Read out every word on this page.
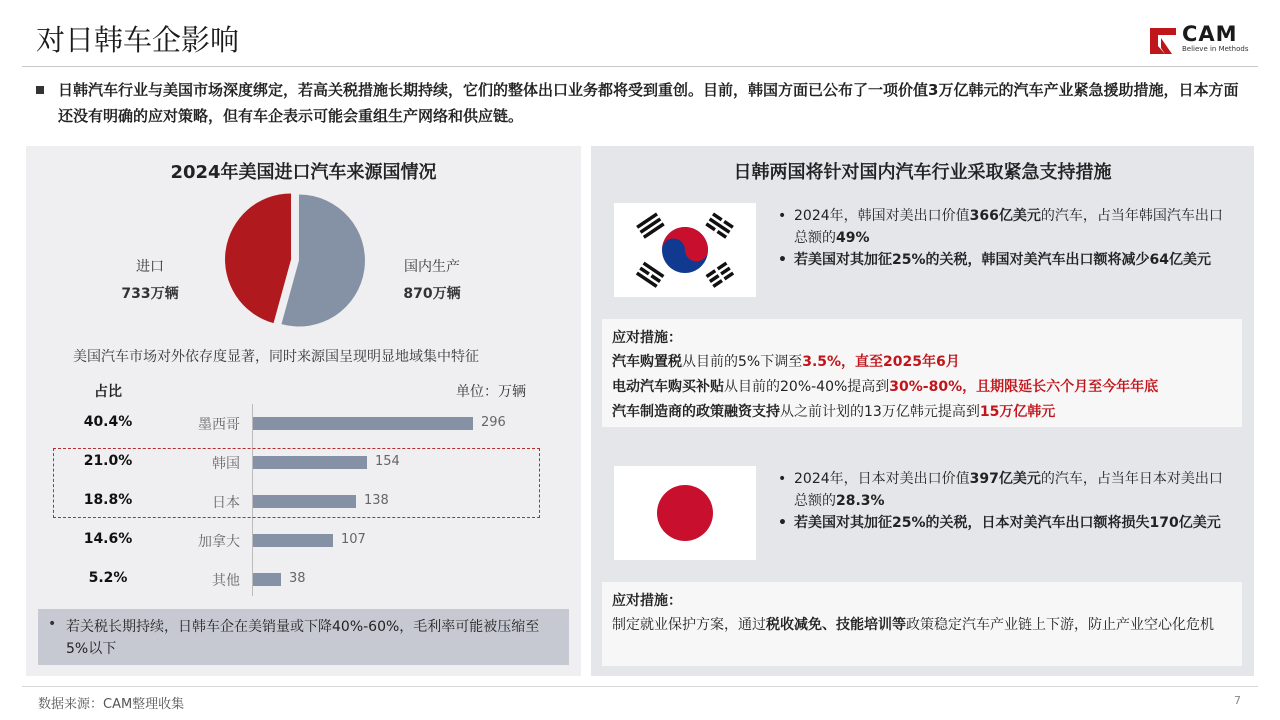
对日韩车企影响	CAM
Believe in Methods
日韩汽车行业与美国市场深度绑定，若高关税措施长期持续，它们的整体出口业务都将受到重创。目前，韩国方面已公布了一项价值3万亿韩元的汽车产业紧急援助措施，日本方面还没有明确的应对策略，但有车企表示可能会重组生产网络和供应链。
2024年美国进口汽车来源国情况
进口
733万辆
国内生产
870万辆
美国汽车市场对外依存度显著，同时来源国呈现明显地域集中特征
占比	单位：万辆
40.4%	墨西哥	296
21.0%	韩国	154
18.8%	日本	138
14.6%	加拿大	107
5.2%	其他	38
• 若关税长期持续，日韩车企在美销量或下降40%-60%，毛利率可能被压缩至5%以下
日韩两国将针对国内汽车行业采取紧急支持措施
• 2024年，韩国对美出口价值366亿美元的汽车，占当年韩国汽车出口总额的49%
• 若美国对其加征25%的关税，韩国对美汽车出口额将减少64亿美元
应对措施：
汽车购置税从目前的5%下调至3.5%，直至2025年6月
电动汽车购买补贴从目前的20%-40%提高到30%-80%，且期限延长六个月至今年年底
汽车制造商的政策融资支持从之前计划的13万亿韩元提高到15万亿韩元
• 2024年，日本对美出口价值397亿美元的汽车，占当年日本对美出口总额的28.3%
• 若美国对其加征25%的关税，日本对美汽车出口额将损失170亿美元
应对措施：
制定就业保护方案，通过税收减免、技能培训等政策稳定汽车产业链上下游，防止产业空心化危机
数据来源：CAM整理收集	7
